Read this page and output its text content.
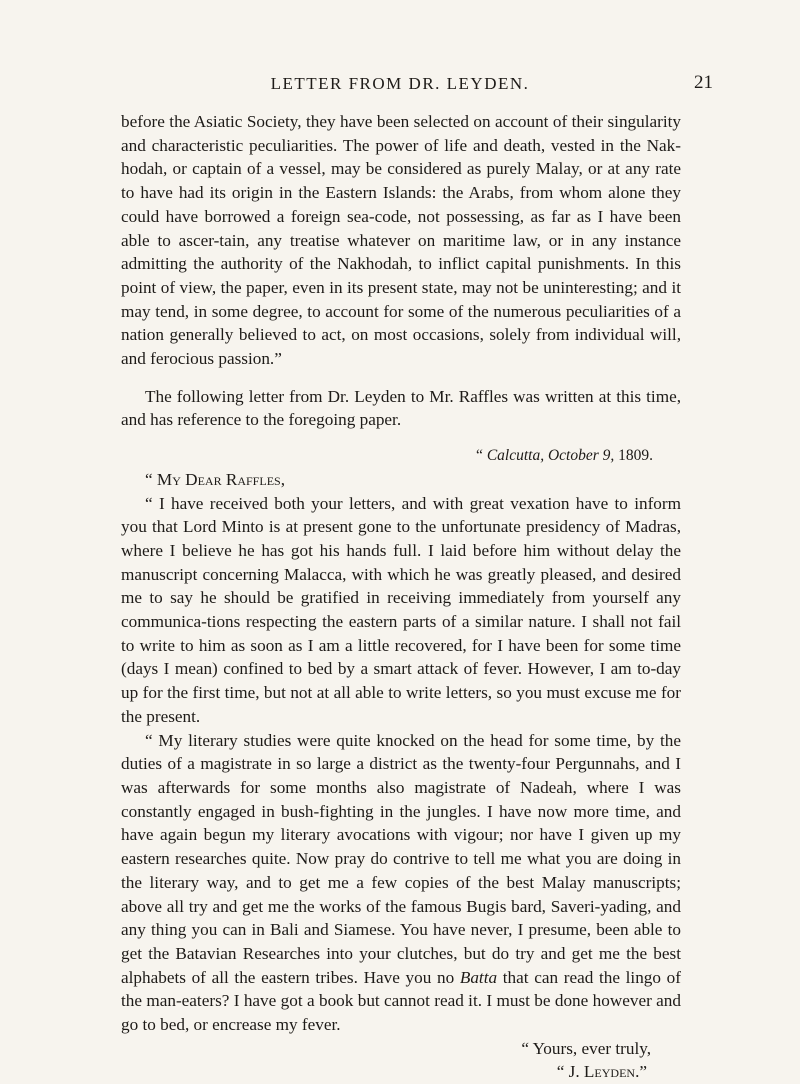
LETTER FROM DR. LEYDEN.	21

before the Asiatic Society, they have been selected on account of their singularity and characteristic peculiarities. The power of life and death, vested in the Nak-hodah, or captain of a vessel, may be considered as purely Malay, or at any rate to have had its origin in the Eastern Islands: the Arabs, from whom alone they could have borrowed a foreign sea-code, not possessing, as far as I have been able to ascer-tain, any treatise whatever on maritime law, or in any instance admitting the authority of the Nakhodah, to inflict capital punishments. In this point of view, the paper, even in its present state, may not be uninteresting; and it may tend, in some degree, to account for some of the numerous peculiarities of a nation generally believed to act, on most occasions, solely from individual will, and ferocious passion.”

The following letter from Dr. Leyden to Mr. Raffles was written at this time, and has reference to the foregoing paper.

“ Calcutta, October 9, 1809.

“ My Dear Raffles,

“ I have received both your letters, and with great vexation have to inform you that Lord Minto is at present gone to the unfortunate presidency of Madras, where I believe he has got his hands full. I laid before him without delay the manuscript concerning Malacca, with which he was greatly pleased, and desired me to say he should be gratified in receiving immediately from yourself any communica-tions respecting the eastern parts of a similar nature. I shall not fail to write to him as soon as I am a little recovered, for I have been for some time (days I mean) confined to bed by a smart attack of fever. However, I am to-day up for the first time, but not at all able to write letters, so you must excuse me for the present.

“ My literary studies were quite knocked on the head for some time, by the duties of a magistrate in so large a district as the twenty-four Pergunnahs, and I was afterwards for some months also magistrate of Nadeah, where I was constantly engaged in bush-fighting in the jungles. I have now more time, and have again begun my literary avocations with vigour; nor have I given up my eastern researches quite. Now pray do contrive to tell me what you are doing in the literary way, and to get me a few copies of the best Malay manuscripts; above all try and get me the works of the famous Bugis bard, Saveri-yading, and any thing you can in Bali and Siamese. You have never, I presume, been able to get the Batavian Researches into your clutches, but do try and get me the best alphabets of all the eastern tribes. Have you no Batta that can read the lingo of the man-eaters? I have got a book but cannot read it. I must be done however and go to bed, or encrease my fever.

“ Yours, ever truly,

“ J. Leyden.”
